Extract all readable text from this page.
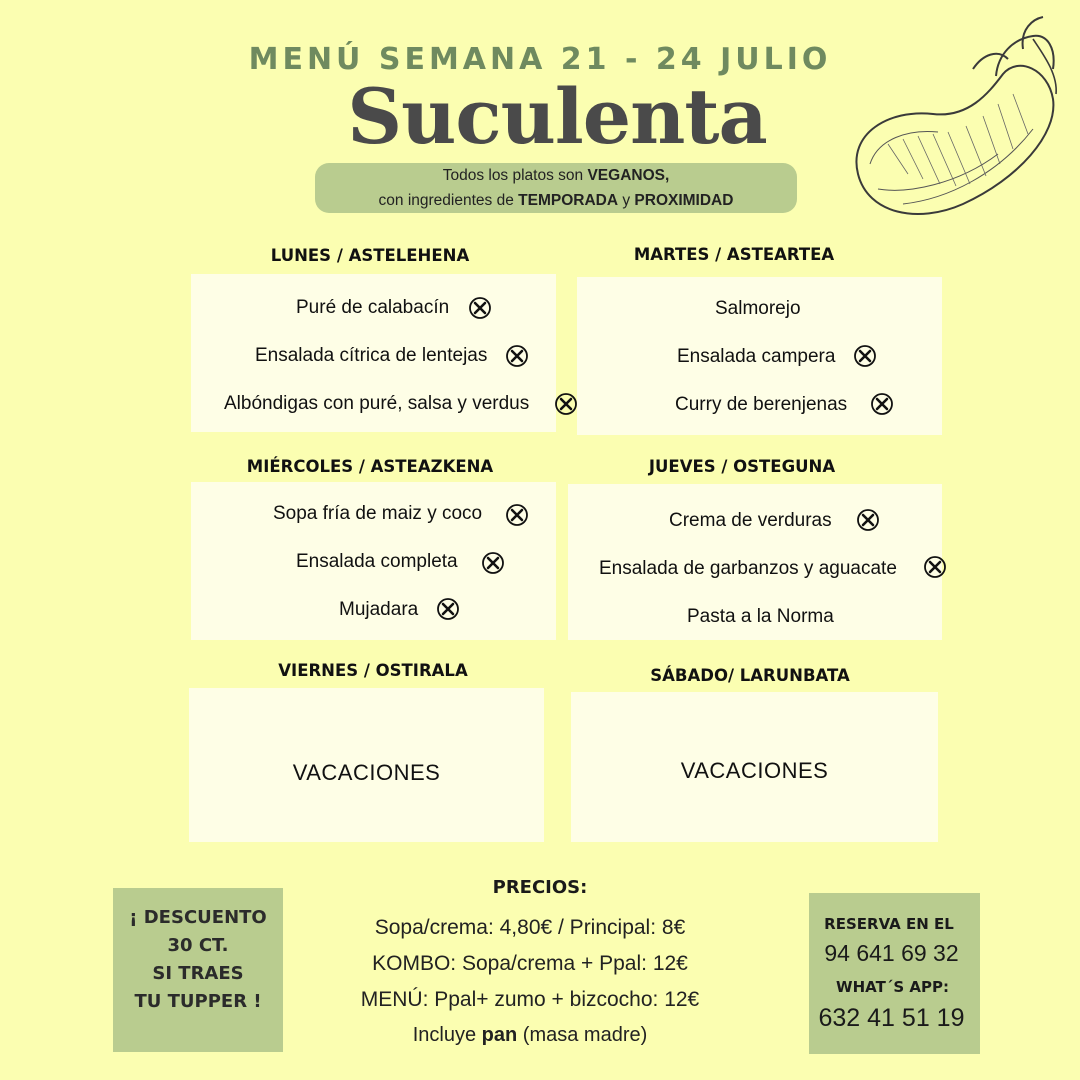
MENÚ SEMANA 21 - 24 JULIO
Suculenta
Todos los platos son VEGANOS,
con ingredientes de TEMPORADA y PROXIMIDAD
LUNES / ASTELEHENA
Puré de calabacín
Ensalada cítrica de lentejas
Albóndigas con puré, salsa y verdus
MARTES / ASTEARTEA
Salmorejo
Ensalada campera
Curry de berenjenas
MIÉRCOLES / ASTEAZKENA
Sopa fría de maiz y coco
Ensalada completa
Mujadara
JUEVES / OSTEGUNA
Crema de verduras
Ensalada de garbanzos y aguacate
Pasta a la Norma
VIERNES / OSTIRALA
VACACIONES
SÁBADO/ LARUNBATA
VACACIONES
¡ DESCUENTO
30 CT.
SI TRAES
TU TUPPER !
PRECIOS:
Sopa/crema: 4,80€ / Principal: 8€
KOMBO: Sopa/crema + Ppal: 12€
MENÚ: Ppal+ zumo + bizcocho: 12€
Incluye pan (masa madre)
RESERVA EN EL
94 641 69 32
WHAT´S APP:
632 41 51 19
